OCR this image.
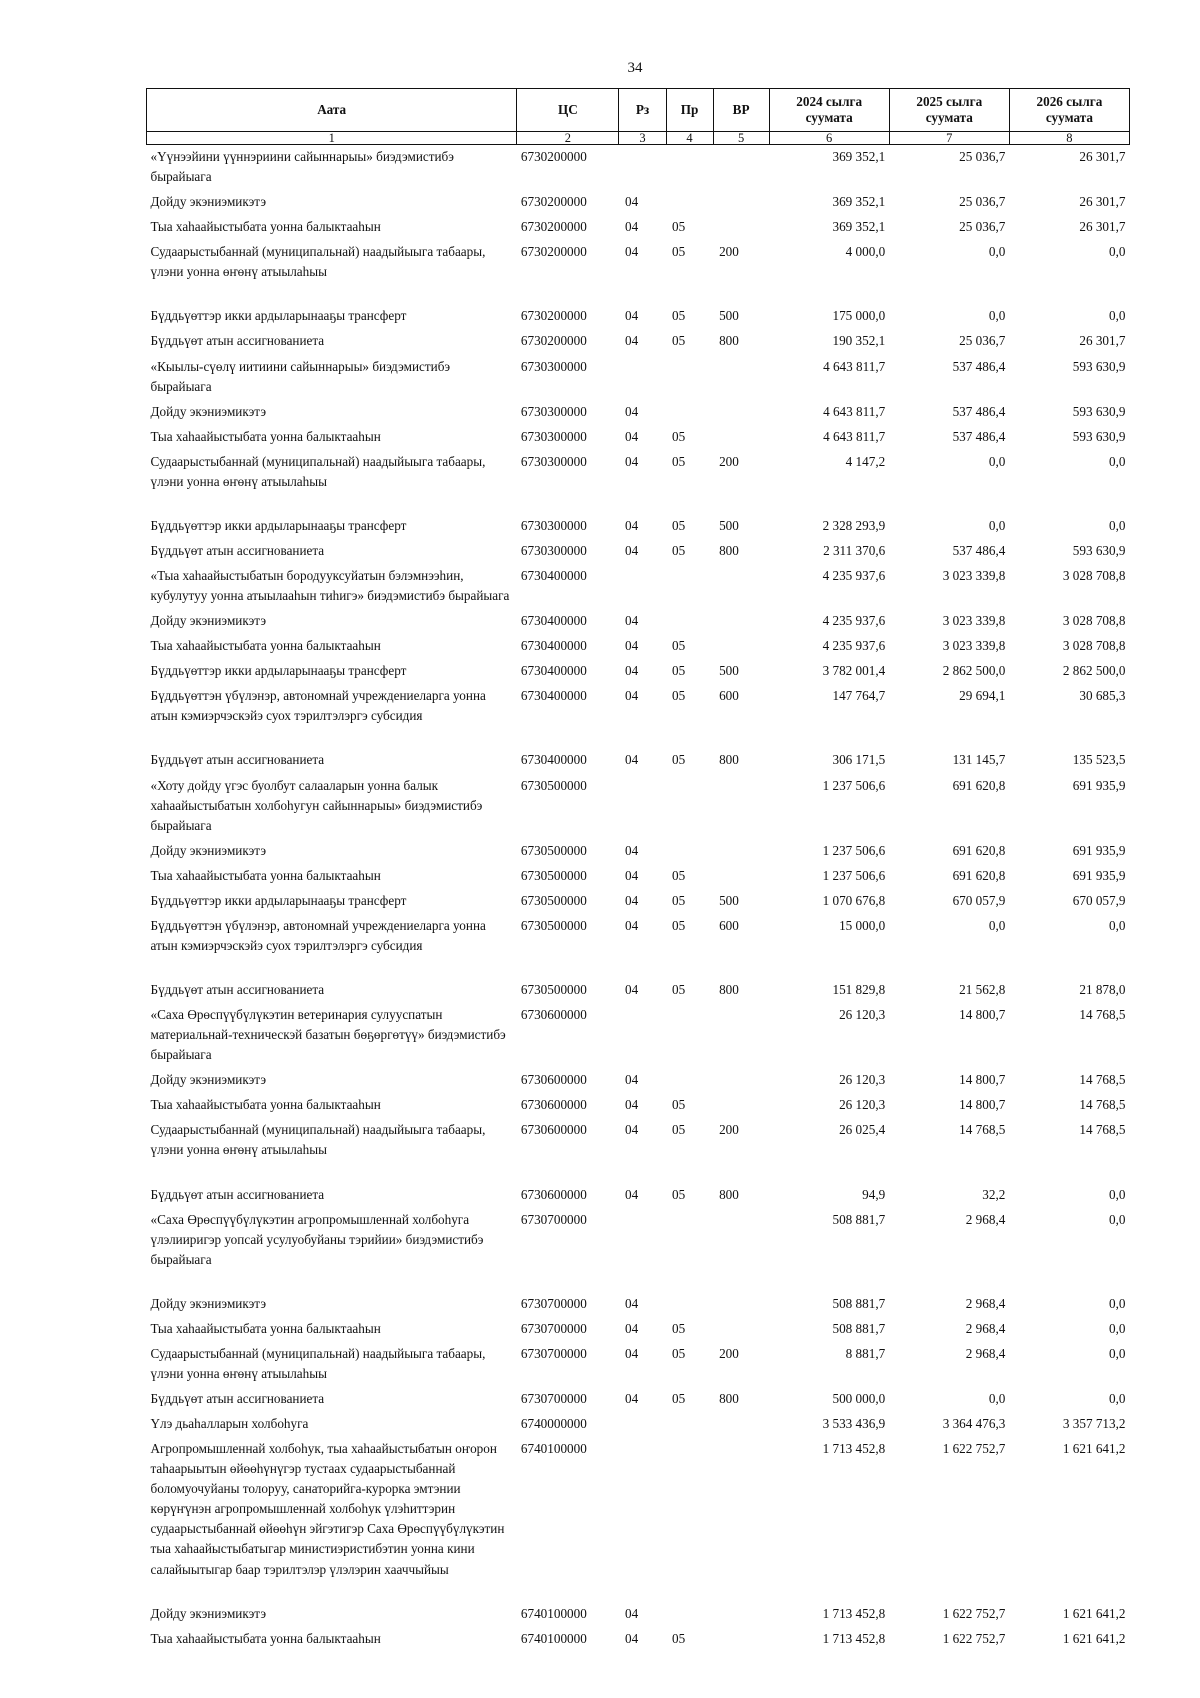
34
Аата	ЦС	Рз	Пр	ВР	2024 сылга суумата	2025 сылга суумата	2026 сылга суумата
1	2	3	4	5	6	7	8
«Үүнээйини үүннэриини сайыннарыы» биэдэмистибэ бырайыага	6730200000				369 352,1	25 036,7	26 301,7
Дойду экэниэмикэтэ	6730200000	04			369 352,1	25 036,7	26 301,7
Тыа хаһаайыстыбата уонна балыктааһын	6730200000	04	05		369 352,1	25 036,7	26 301,7
Судаарыстыбаннай (муниципальнай) наадыйыыга табаары, үлэни уонна өҥөнү атыылаһыы	6730200000	04	05	200	4 000,0	0,0	0,0
Бүддьүөттэр икки ардыларынааҕы трансферт	6730200000	04	05	500	175 000,0	0,0	0,0
Бүддьүөт атын ассигнованиета	6730200000	04	05	800	190 352,1	25 036,7	26 301,7
«Кыылы-сүөлү иитиини сайыннарыы» биэдэмистибэ бырайыага	6730300000				4 643 811,7	537 486,4	593 630,9
Дойду экэниэмикэтэ	6730300000	04			4 643 811,7	537 486,4	593 630,9
Тыа хаһаайыстыбата уонна балыктааһын	6730300000	04	05		4 643 811,7	537 486,4	593 630,9
Судаарыстыбаннай (муниципальнай) наадыйыыга табаары, үлэни уонна өҥөнү атыылаһыы	6730300000	04	05	200	4 147,2	0,0	0,0
Бүддьүөттэр икки ардыларынааҕы трансферт	6730300000	04	05	500	2 328 293,9	0,0	0,0
Бүддьүөт атын ассигнованиета	6730300000	04	05	800	2 311 370,6	537 486,4	593 630,9
«Тыа хаһаайыстыбатын бородууксуйатын бэлэмнээһин, кубулутуу уонна атыылааһын тиһигэ» биэдэмистибэ бырайыага	6730400000				4 235 937,6	3 023 339,8	3 028 708,8
Дойду экэниэмикэтэ	6730400000	04			4 235 937,6	3 023 339,8	3 028 708,8
Тыа хаһаайыстыбата уонна балыктааһын	6730400000	04	05		4 235 937,6	3 023 339,8	3 028 708,8
Бүддьүөттэр икки ардыларынааҕы трансферт	6730400000	04	05	500	3 782 001,4	2 862 500,0	2 862 500,0
Бүддьүөттэн үбүлэнэр, автономнай учреждениеларга уонна атын кэмиэрчэскэйэ суох тэрилтэлэргэ субсидия	6730400000	04	05	600	147 764,7	29 694,1	30 685,3
Бүддьүөт атын ассигнованиета	6730400000	04	05	800	306 171,5	131 145,7	135 523,5
«Хоту дойду үгэс буолбут салааларын уонна балык хаһаайыстыбатын холбоһугун сайыннарыы» биэдэмистибэ бырайыага	6730500000				1 237 506,6	691 620,8	691 935,9
Дойду экэниэмикэтэ	6730500000	04			1 237 506,6	691 620,8	691 935,9
Тыа хаһаайыстыбата уонна балыктааһын	6730500000	04	05		1 237 506,6	691 620,8	691 935,9
Бүддьүөттэр икки ардыларынааҕы трансферт	6730500000	04	05	500	1 070 676,8	670 057,9	670 057,9
Бүддьүөттэн үбүлэнэр, автономнай учреждениеларга уонна атын кэмиэрчэскэйэ суох тэрилтэлэргэ субсидия	6730500000	04	05	600	15 000,0	0,0	0,0
Бүддьүөт атын ассигнованиета	6730500000	04	05	800	151 829,8	21 562,8	21 878,0
«Саха Өрөспүүбүлүкэтин ветеринария сулууспатын материальнай-техническэй базатын бөҕөргөтүү» биэдэмистибэ бырайыага	6730600000				26 120,3	14 800,7	14 768,5
Дойду экэниэмикэтэ	6730600000	04			26 120,3	14 800,7	14 768,5
Тыа хаһаайыстыбата уонна балыктааһын	6730600000	04	05		26 120,3	14 800,7	14 768,5
Судаарыстыбаннай (муниципальнай) наадыйыыга табаары, үлэни уонна өҥөнү атыылаһыы	6730600000	04	05	200	26 025,4	14 768,5	14 768,5
Бүддьүөт атын ассигнованиета	6730600000	04	05	800	94,9	32,2	0,0
«Саха Өрөспүүбүлүкэтин агропромышленнай холбоһуга үлэлииригэр уопсай усулуобуйаны тэрийии» биэдэмистибэ бырайыага	6730700000				508 881,7	2 968,4	0,0
Дойду экэниэмикэтэ	6730700000	04			508 881,7	2 968,4	0,0
Тыа хаһаайыстыбата уонна балыктааһын	6730700000	04	05		508 881,7	2 968,4	0,0
Судаарыстыбаннай (муниципальнай) наадыйыыга табаары, үлэни уонна өҥөнү атыылаһыы	6730700000	04	05	200	8 881,7	2 968,4	0,0
Бүддьүөт атын ассигнованиета	6730700000	04	05	800	500 000,0	0,0	0,0
Үлэ дьаһалларын холбоһуга	6740000000				3 533 436,9	3 364 476,3	3 357 713,2
Агропромышленнай холбоһук, тыа хаһаайыстыбатын оҥорон таһаарыытын өйөөһүнүгэр тустаах судаарыстыбаннай боломуочуйаны толоруу, санаторийга-курорка эмтэнии көрүҥүнэн агропромышленнай холбоһук үлэһиттэрин судаарыстыбаннай өйөөһүн эйгэтигэр Саха Өрөспүүбүлүкэтин тыа хаһаайыстыбатыгар министиэристибэтин уонна кини салайыытыгар баар тэрилтэлэр үлэлэрин хааччыйыы	6740100000				1 713 452,8	1 622 752,7	1 621 641,2
Дойду экэниэмикэтэ	6740100000	04			1 713 452,8	1 622 752,7	1 621 641,2
Тыа хаһаайыстыбата уонна балыктааһын	6740100000	04	05		1 713 452,8	1 622 752,7	1 621 641,2
